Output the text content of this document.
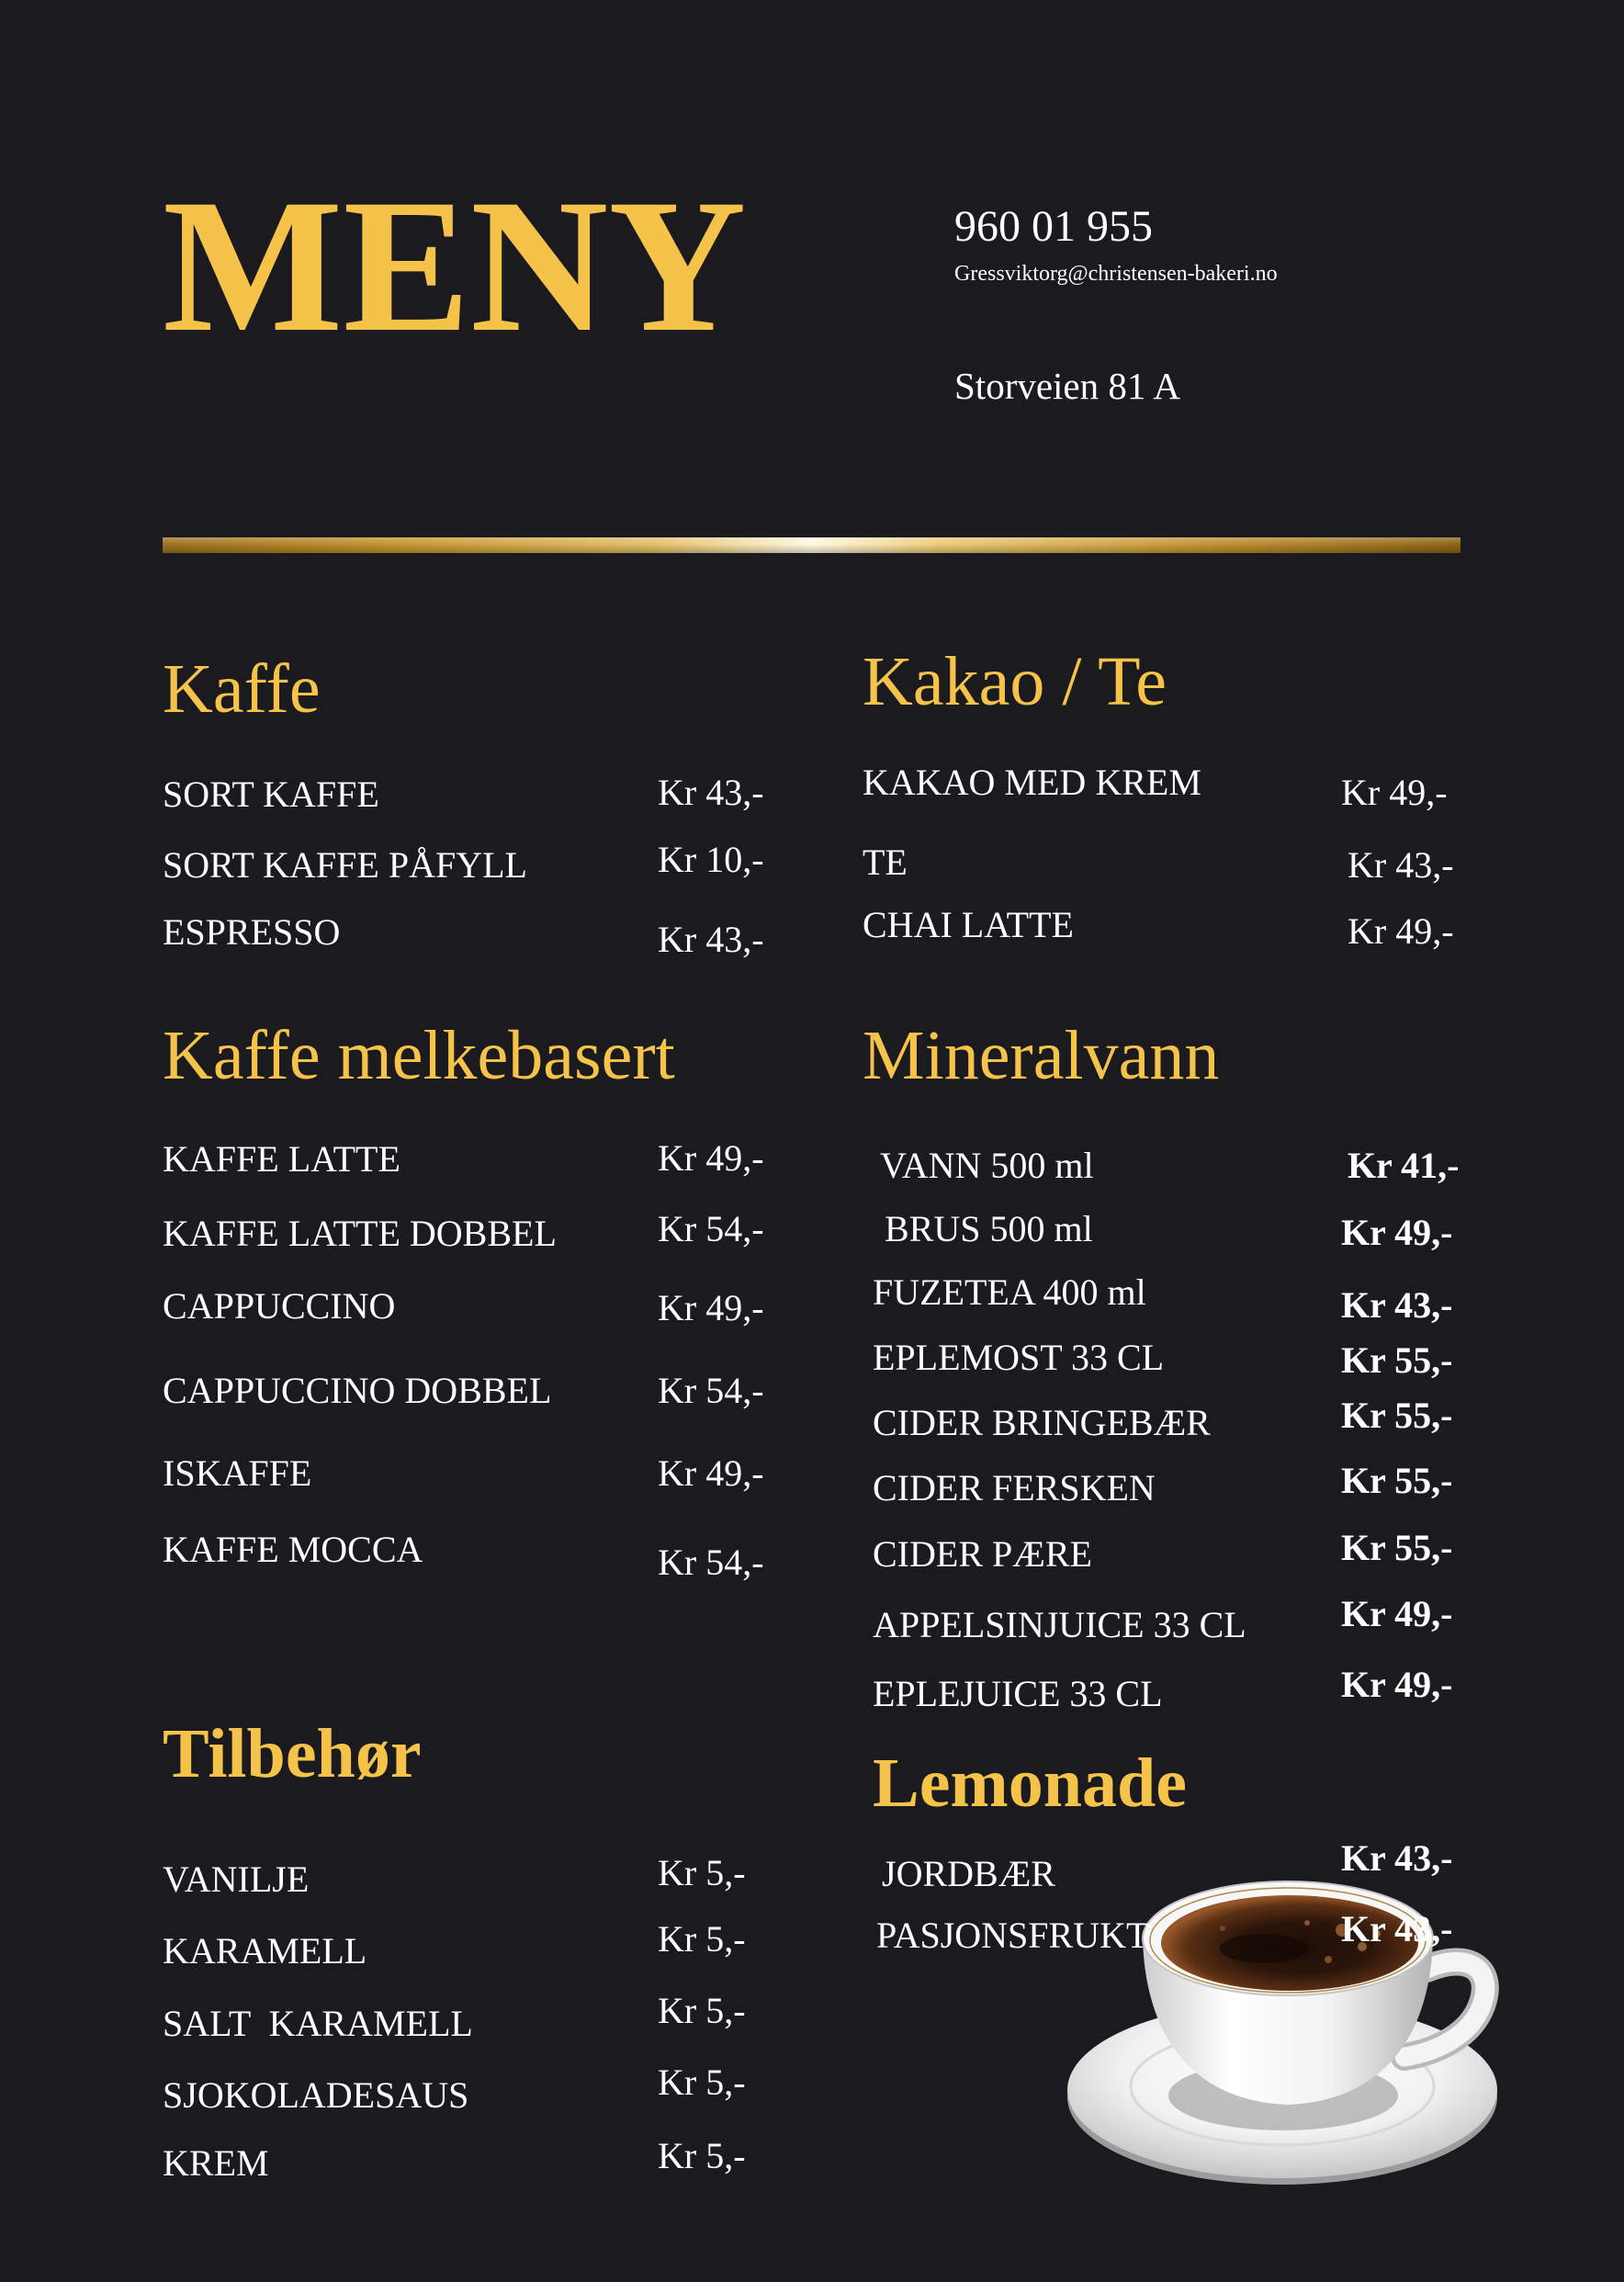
MENY	960 01 955
Gressviktorg@christensen-bakeri.no
Storveien 81 A
Kaffe
SORT KAFFE	Kr 43,-
SORT KAFFE PÅFYLL	Kr 10,-
ESPRESSO	Kr 43,-
Kaffe melkebasert
KAFFE LATTE	Kr 49,-
KAFFE LATTE DOBBEL	Kr 54,-
CAPPUCCINO	Kr 49,-
CAPPUCCINO DOBBEL	Kr 54,-
ISKAFFE	Kr 49,-
KAFFE MOCCA	Kr 54,-
Tilbehør
VANILJE	Kr 5,-
KARAMELL	Kr 5,-
SALT  KARAMELL	Kr 5,-
SJOKOLADESAUS	Kr 5,-
KREM	Kr 5,-
Kakao / Te
KAKAO MED KREM	Kr 49,-
TE	Kr 43,-
CHAI LATTE	Kr 49,-
Mineralvann
VANN 500 ml	Kr 41,-
BRUS 500 ml	Kr 49,-
FUZETEA 400 ml	Kr 43,-
EPLEMOST 33 CL	Kr 55,-
CIDER BRINGEBÆR	Kr 55,-
CIDER FERSKEN	Kr 55,-
CIDER PÆRE	Kr 55,-
APPELSINJUICE 33 CL	Kr 49,-
EPLEJUICE 33 CL	Kr 49,-
Lemonade
JORDBÆR	Kr 43,-
PASJONSFRUKT	Kr 43,-
